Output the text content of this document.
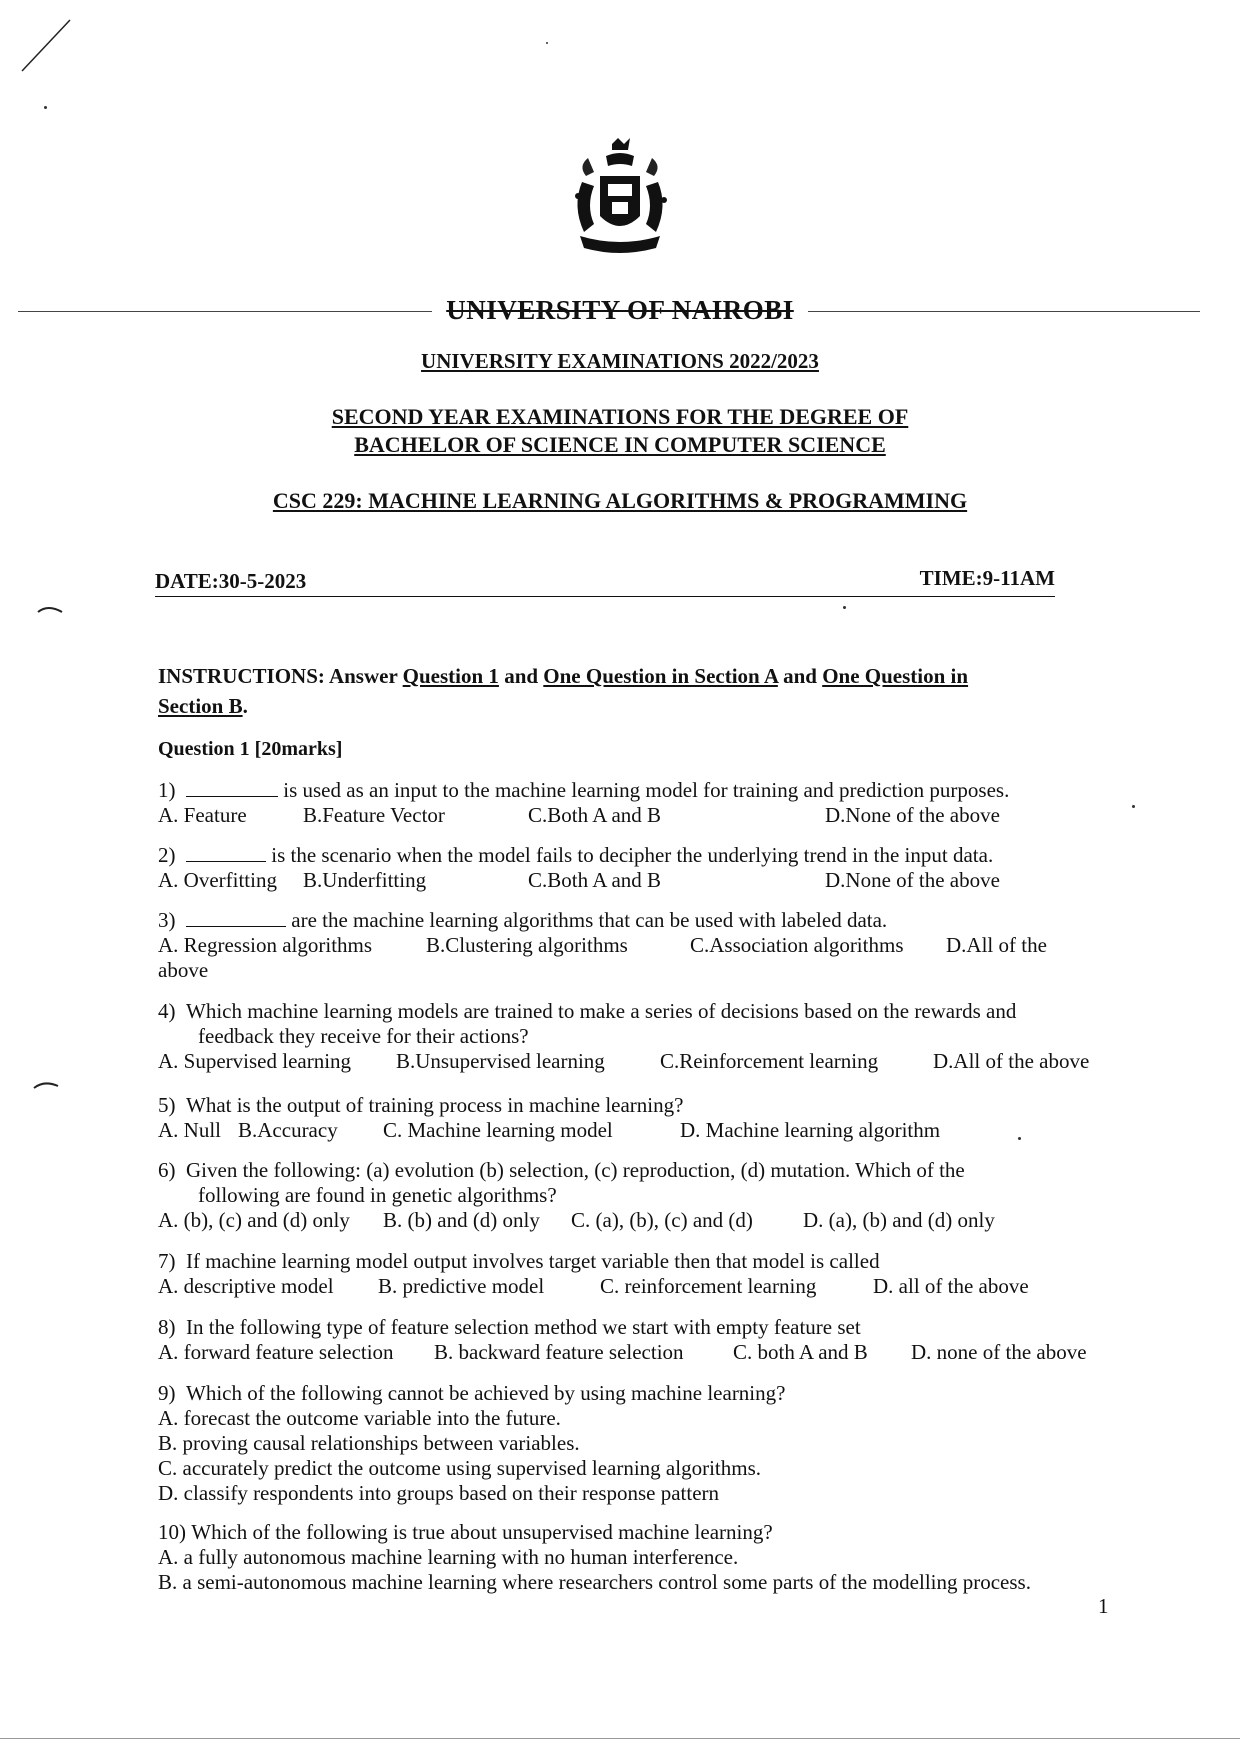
UNIVERSITY OF NAIROBI
UNIVERSITY EXAMINATIONS 2022/2023
SECOND YEAR EXAMINATIONS FOR THE DEGREE OF
BACHELOR OF SCIENCE IN COMPUTER SCIENCE
CSC 229: MACHINE LEARNING ALGORITHMS & PROGRAMMING
DATE:30-5-2023	TIME:9-11AM
INSTRUCTIONS: Answer Question 1 and One Question in Section A and One Question in
Section B.
Question 1 [20marks]
1)	is used as an input to the machine learning model for training and prediction purposes.
A. Feature	B.Feature Vector	C.Both A and B	D.None of the above
2)	is the scenario when the model fails to decipher the underlying trend in the input data.
A. Overfitting B.Underfitting	C.Both A and B	D.None of the above
3)	are the machine learning algorithms that can be used with labeled data.
A. Regression algorithms	B.Clustering algorithms	C.Association algorithms D.All of the
above
4) Which machine learning models are trained to make a series of decisions based on the rewards and
feedback they receive for their actions?
A. Supervised learning B.Unsupervised learning	C.Reinforcement learning	D.All of the above
5) What is the output of training process in machine learning?
A. Null B.Accuracy C. Machine learning model	D. Machine learning algorithm
6) Given the following: (a) evolution (b) selection, (c) reproduction, (d) mutation. Which of the
following are found in genetic algorithms?
A. (b), (c) and (d) only B. (b) and (d) only C. (a), (b), (c) and (d) D. (a), (b) and (d) only
7) If machine learning model output involves target variable then that model is called
A. descriptive model B. predictive model	C. reinforcement learning	D. all of the above
8) In the following type of feature selection method we start with empty feature set
A. forward feature selection B. backward feature selection C. both A and B D. none of the above
9) Which of the following cannot be achieved by using machine learning?
A. forecast the outcome variable into the future.
B. proving causal relationships between variables.
C. accurately predict the outcome using supervised learning algorithms.
D. classify respondents into groups based on their response pattern
10) Which of the following is true about unsupervised machine learning?
A. a fully autonomous machine learning with no human interference.
B. a semi-autonomous machine learning where researchers control some parts of the modelling process.
1
